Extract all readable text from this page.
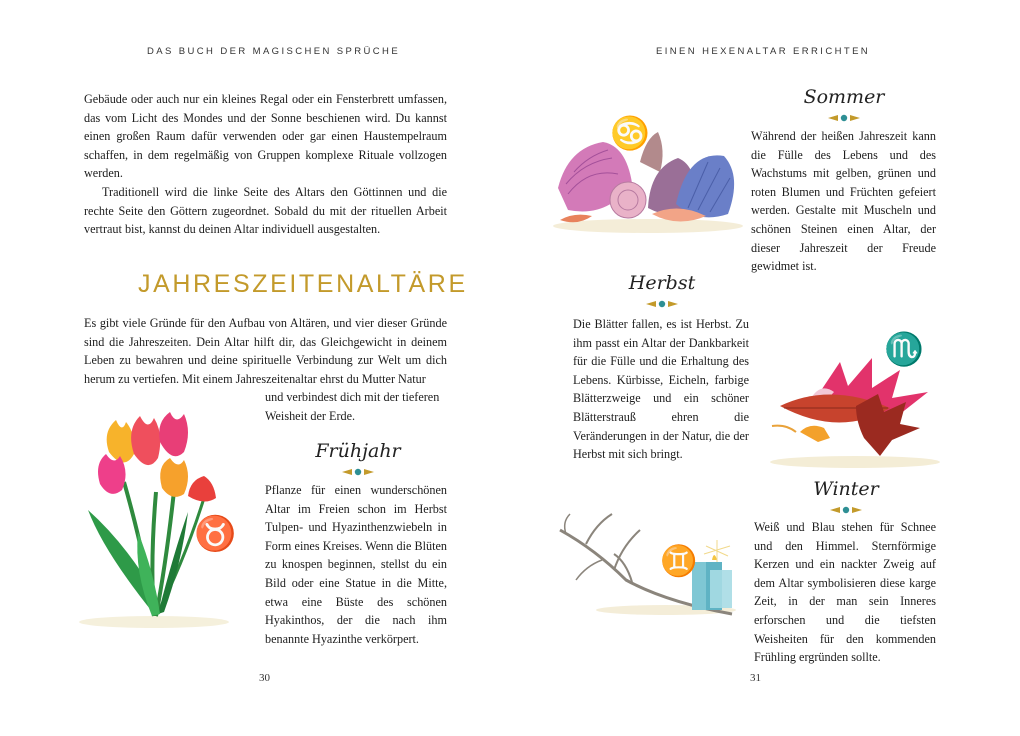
DAS BUCH DER MAGISCHEN SPRÜCHE

Gebäude oder auch nur ein kleines Regal oder ein Fensterbrett umfassen, das vom Licht des Mondes und der Sonne beschienen wird. Du kannst einen großen Raum dafür verwenden oder gar einen Haustempelraum schaffen, in dem regelmäßig von Gruppen komplexe Rituale vollzogen werden.

Traditionell wird die linke Seite des Altars den Göttinnen und die rechte Seite den Göttern zugeordnet. Sobald du mit der rituellen Arbeit vertraut bist, kannst du deinen Altar individuell ausgestalten.

JAHRESZEITENALTÄRE

Es gibt viele Gründe für den Aufbau von Altären, und vier dieser Gründe sind die Jahreszeiten. Dein Altar hilft dir, das Gleichgewicht in deinem Leben zu bewahren und deine spirituelle Verbindung zur Welt um dich herum zu vertiefen. Mit einem Jahreszeitenaltar ehrst du Mutter Natur

und verbindest dich mit der tieferen Weisheit der Erde.

♉
Frühjahr

Pflanze für einen wunderschönen Altar im Freien schon im Herbst Tulpen- und Hyazinthenzwiebeln in Form eines Kreises. Wenn die Blüten zu knospen beginnen, stellst du ein Bild oder eine Statue in die Mitte, etwa eine Büste des schönen Hyakinthos, der die nach ihm benannte Hyazinthe verkörpert.

30
EINEN HEXENALTAR ERRICHTEN
♋
Sommer

Während der heißen Jahreszeit kann die Fülle des Lebens und des Wachstums mit gelben, grünen und roten Blumen und Früchten gefeiert werden. Gestalte mit Muscheln und schönen Steinen einen Altar, der dieser Jahreszeit der Freude gewidmet ist.

Herbst

Die Blätter fallen, es ist Herbst. Zu ihm passt ein Altar der Dankbarkeit für die Fülle und die Erhaltung des Lebens. Kürbisse, Eicheln, farbige Blätterzweige und ein schöner Blätterstrauß ehren die Veränderungen in der Natur, die der Herbst mit sich bringt.

♏
Winter

Weiß und Blau stehen für Schnee und den Himmel. Sternförmige Kerzen und ein nackter Zweig auf dem Altar symbolisieren diese karge Zeit, in der man sein Inneres erforschen und die tiefsten Weisheiten für den kommenden Frühling ergründen sollte.

♊
31
